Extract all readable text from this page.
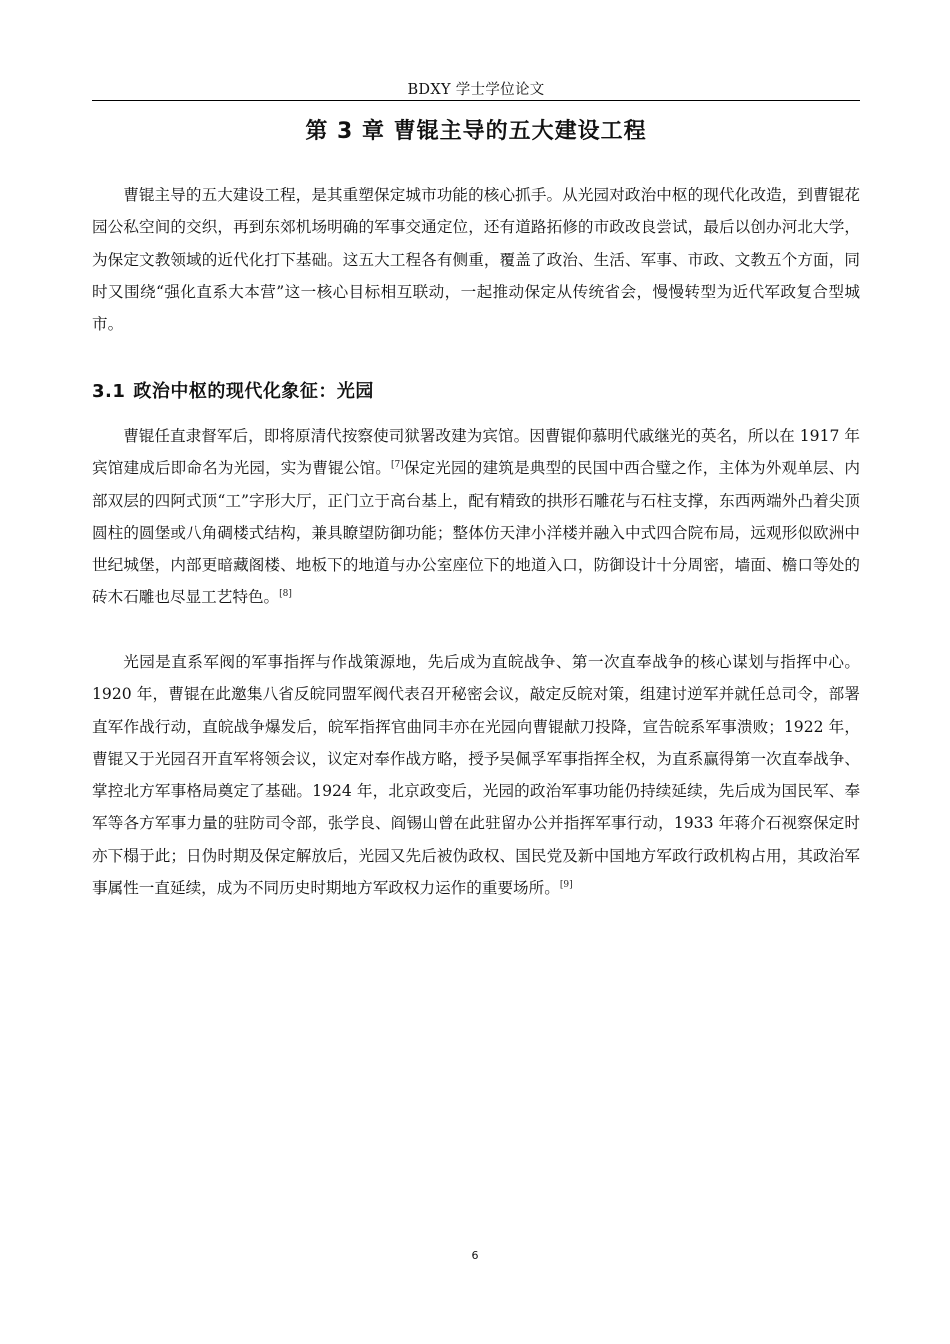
BDXY 学士学位论文
第 3 章 曹锟主导的五大建设工程

曹锟主导的五大建设工程，是其重塑保定城市功能的核心抓手。从光园对政治中枢的现代化改造，到曹锟花园公私空间的交织，再到东郊机场明确的军事交通定位，还有道路拓修的市政改良尝试，最后以创办河北大学，为保定文教领域的近代化打下基础。这五大工程各有侧重，覆盖了政治、生活、军事、市政、文教五个方面，同时又围绕“强化直系大本营”这一核心目标相互联动，一起推动保定从传统省会，慢慢转型为近代军政复合型城市。

3.1 政治中枢的现代化象征：光园

曹锟任直隶督军后，即将原清代按察使司狱署改建为宾馆。因曹锟仰慕明代戚继光的英名，所以在 1917 年宾馆建成后即命名为光园，实为曹锟公馆。[7]保定光园的建筑是典型的民国中西合璧之作，主体为外观单层、内部双层的四阿式顶“工”字形大厅，正门立于高台基上，配有精致的拱形石雕花与石柱支撑，东西两端外凸着尖顶圆柱的圆堡或八角碉楼式结构，兼具瞭望防御功能；整体仿天津小洋楼并融入中式四合院布局，远观形似欧洲中世纪城堡，内部更暗藏阁楼、地板下的地道与办公室座位下的地道入口，防御设计十分周密，墙面、檐口等处的砖木石雕也尽显工艺特色。[8]

光园是直系军阀的军事指挥与作战策源地，先后成为直皖战争、第一次直奉战争的核心谋划与指挥中心。1920 年，曹锟在此邀集八省反皖同盟军阀代表召开秘密会议，敲定反皖对策，组建讨逆军并就任总司令，部署直军作战行动，直皖战争爆发后，皖军指挥官曲同丰亦在光园向曹锟献刀投降，宣告皖系军事溃败；1922 年，曹锟又于光园召开直军将领会议，议定对奉作战方略，授予吴佩孚军事指挥全权，为直系赢得第一次直奉战争、掌控北方军事格局奠定了基础。1924 年，北京政变后，光园的政治军事功能仍持续延续，先后成为国民军、奉军等各方军事力量的驻防司令部，张学良、阎锡山曾在此驻留办公并指挥军事行动，1933 年蒋介石视察保定时亦下榻于此；日伪时期及保定解放后，光园又先后被伪政权、国民党及新中国地方军政行政机构占用，其政治军事属性一直延续，成为不同历史时期地方军政权力运作的重要场所。[9]

6
